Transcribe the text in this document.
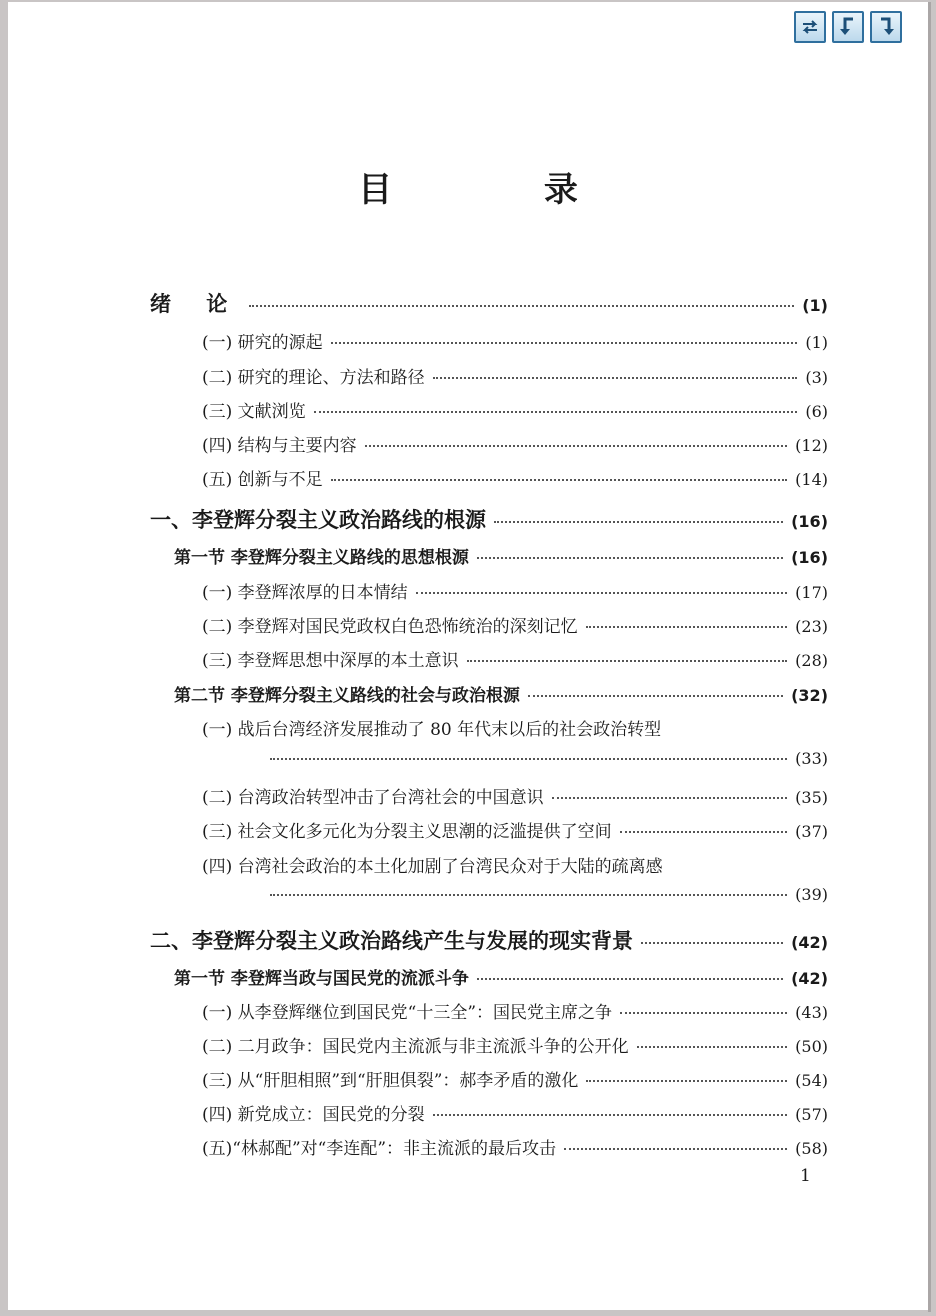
目 录
绪 论	(1)
(一) 研究的源起	(1)
(二) 研究的理论、方法和路径	(3)
(三) 文献浏览	(6)
(四) 结构与主要内容	(12)
(五) 创新与不足	(14)
一、李登辉分裂主义政治路线的根源	(16)
第一节 李登辉分裂主义路线的思想根源	(16)
(一) 李登辉浓厚的日本情结	(17)
(二) 李登辉对国民党政权白色恐怖统治的深刻记忆	(23)
(三) 李登辉思想中深厚的本土意识	(28)
第二节 李登辉分裂主义路线的社会与政治根源	(32)
(一) 战后台湾经济发展推动了 80 年代末以后的社会政治转型
(33)
(二) 台湾政治转型冲击了台湾社会的中国意识	(35)
(三) 社会文化多元化为分裂主义思潮的泛滥提供了空间	(37)
(四) 台湾社会政治的本土化加剧了台湾民众对于大陆的疏离感
(39)
二、李登辉分裂主义政治路线产生与发展的现实背景	(42)
第一节 李登辉当政与国民党的流派斗争	(42)
(一) 从李登辉继位到国民党“十三全”：国民党主席之争	(43)
(二) 二月政争：国民党内主流派与非主流派斗争的公开化	(50)
(三) 从“肝胆相照”到“肝胆俱裂”：郝李矛盾的激化	(54)
(四) 新党成立：国民党的分裂	(57)
(五)“林郝配”对“李连配”：非主流派的最后攻击	(58)
1
